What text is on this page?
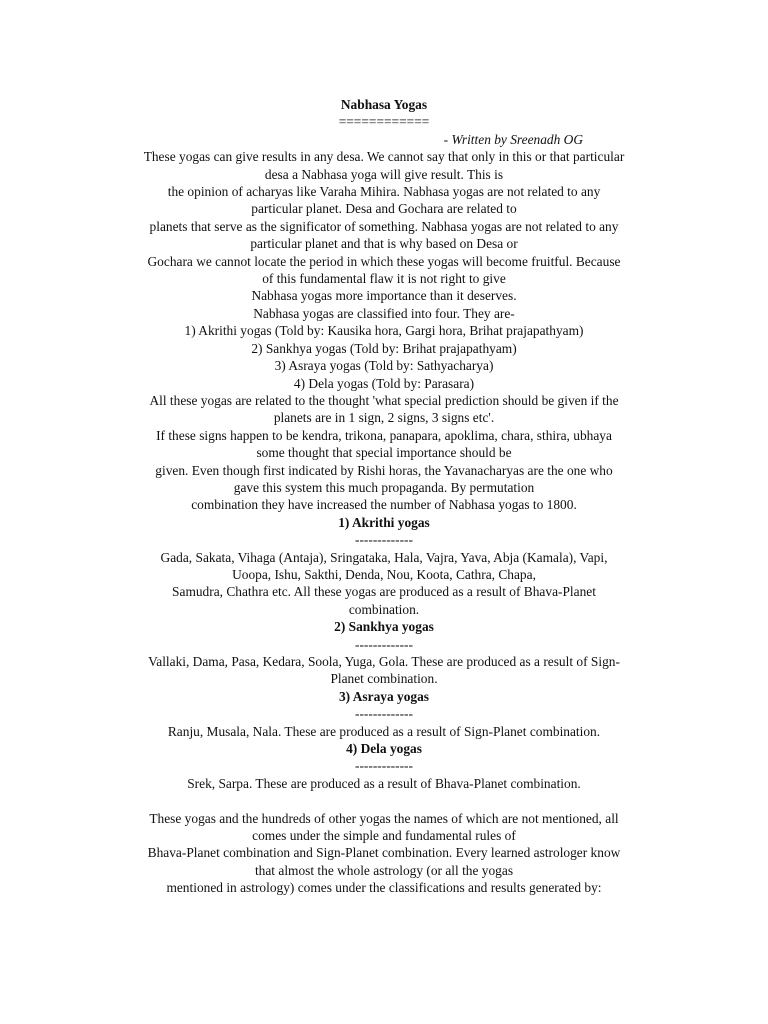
Nabhasa Yogas
============
- Written by Sreenadh OG
These yogas can give results in any desa. We cannot say that only in this or that particular
desa a Nabhasa yoga will give result. This is
the opinion of acharyas like Varaha Mihira. Nabhasa yogas are not related to any
particular planet. Desa and Gochara are related to
planets that serve as the significator of something. Nabhasa yogas are not related to any
particular planet and that is why based on Desa or
Gochara we cannot locate the period in which these yogas will become fruitful. Because
of this fundamental flaw it is not right to give
Nabhasa yogas more importance than it deserves.
Nabhasa yogas are classified into four. They are-
1) Akrithi yogas (Told by: Kausika hora, Gargi hora, Brihat prajapathyam)
2) Sankhya yogas (Told by: Brihat prajapathyam)
3) Asraya yogas (Told by: Sathyacharya)
4) Dela yogas (Told by: Parasara)
All these yogas are related to the thought 'what special prediction should be given if the
planets are in 1 sign, 2 signs, 3 signs etc'.
If these signs happen to be kendra, trikona, panapara, apoklima, chara, sthira, ubhaya
some thought that special importance should be
given. Even though first indicated by Rishi horas, the Yavanacharyas are the one who
gave this system this much propaganda. By permutation
combination they have increased the number of Nabhasa yogas to 1800.
1) Akrithi yogas
-------------
Gada, Sakata, Vihaga (Antaja), Sringataka, Hala, Vajra, Yava, Abja (Kamala), Vapi,
Uoopa, Ishu, Sakthi, Denda, Nou, Koota, Cathra, Chapa,
Samudra, Chathra etc. All these yogas are produced as a result of Bhava-Planet
combination.
2) Sankhya yogas
-------------
Vallaki, Dama, Pasa, Kedara, Soola, Yuga, Gola. These are produced as a result of Sign-
Planet combination.
3) Asraya yogas
-------------
Ranju, Musala, Nala. These are produced as a result of Sign-Planet combination.
4) Dela yogas
-------------
Srek, Sarpa. These are produced as a result of Bhava-Planet combination.
These yogas and the hundreds of other yogas the names of which are not mentioned, all
comes under the simple and fundamental rules of
Bhava-Planet combination and Sign-Planet combination. Every learned astrologer know
that almost the whole astrology (or all the yogas
mentioned in astrology) comes under the classifications and results generated by:
